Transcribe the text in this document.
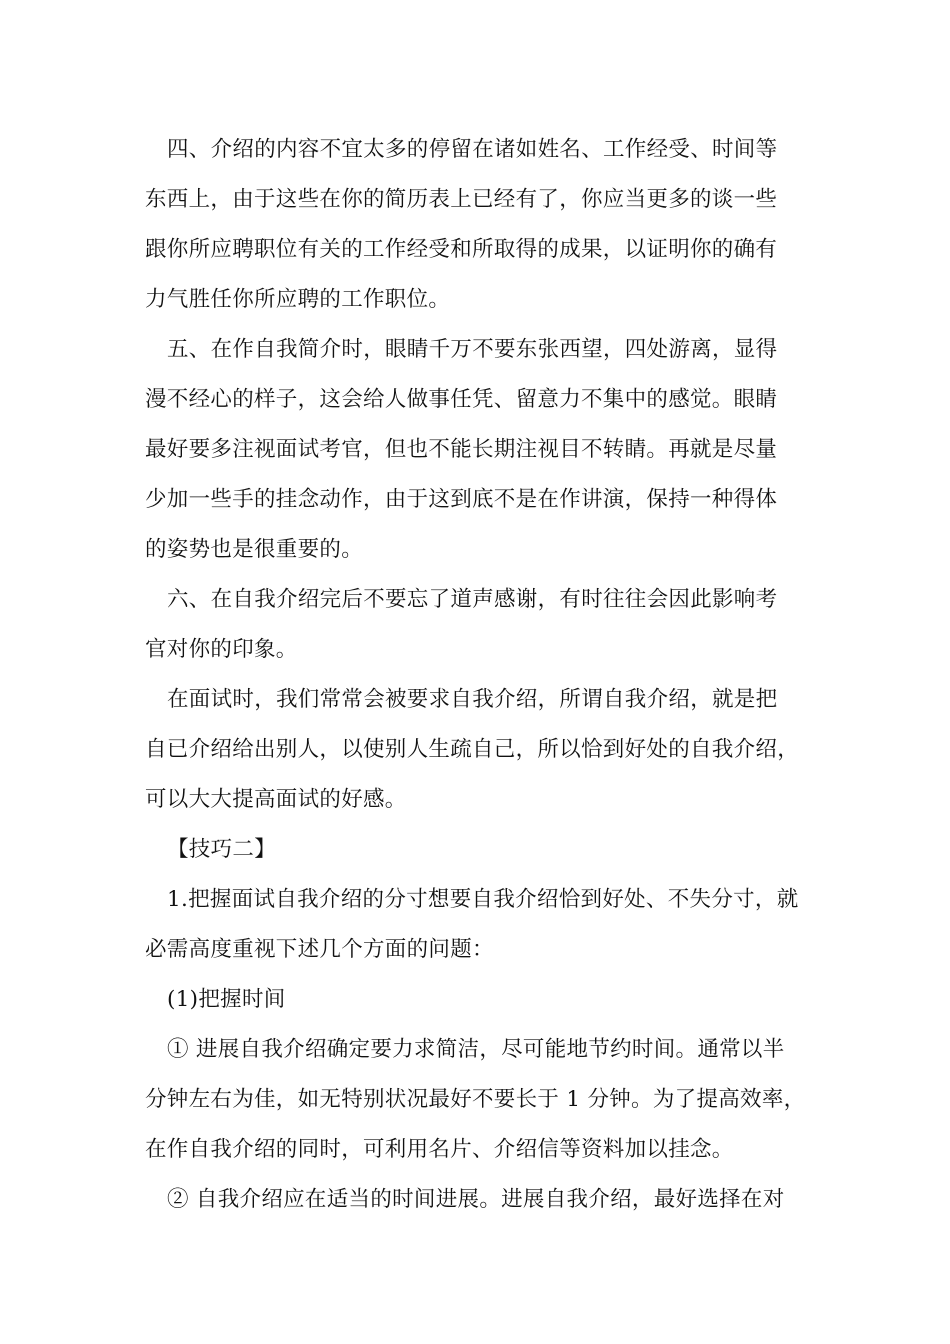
四、介绍的内容不宜太多的停留在诸如姓名、工作经受、时间等
东西上，由于这些在你的简历表上已经有了，你应当更多的谈一些
跟你所应聘职位有关的工作经受和所取得的成果，以证明你的确有
力气胜任你所应聘的工作职位。
五、在作自我简介时，眼睛千万不要东张西望，四处游离，显得
漫不经心的样子，这会给人做事任凭、留意力不集中的感觉。眼睛
最好要多注视面试考官，但也不能长期注视目不转睛。再就是尽量
少加一些手的挂念动作，由于这到底不是在作讲演，保持一种得体
的姿势也是很重要的。
六、在自我介绍完后不要忘了道声感谢，有时往往会因此影响考
官对你的印象。
在面试时，我们常常会被要求自我介绍，所谓自我介绍，就是把
自已介绍给出别人，以使别人生疏自己，所以恰到好处的自我介绍，
可以大大提高面试的好感。
【技巧二】
1.把握面试自我介绍的分寸想要自我介绍恰到好处、不失分寸，就
必需高度重视下述几个方面的问题：
(1)把握时间
① 进展自我介绍确定要力求简洁，尽可能地节约时间。通常以半
分钟左右为佳，如无特别状况最好不要长于 1 分钟。为了提高效率，
在作自我介绍的同时，可利用名片、介绍信等资料加以挂念。
② 自我介绍应在适当的时间进展。进展自我介绍，最好选择在对
